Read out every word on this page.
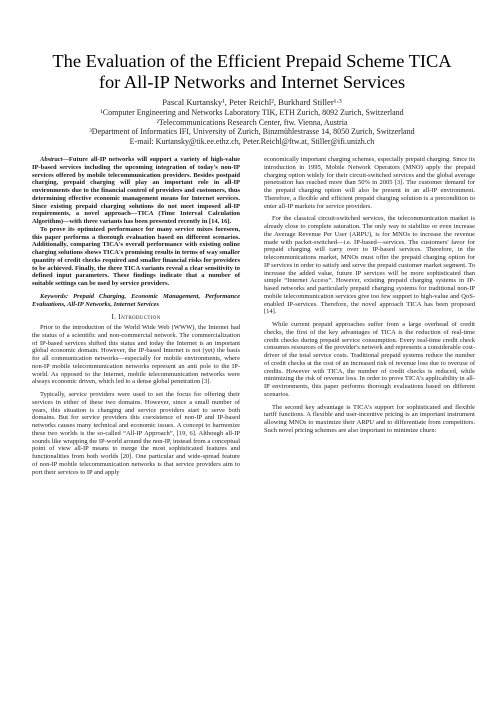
The Evaluation of the Efficient Prepaid Scheme TICA
for All-IP Networks and Internet Services
Pascal Kurtansky¹, Peter Reichl², Burkhard Stiller¹·³
¹Computer Engineering and Networks Laboratory TIK, ETH Zurich, 8092 Zurich, Switzerland
²Telecommunications Research Center, ftw. Vienna, Austria
³Department of Informatics IFI, University of Zurich, Binzmühlestrasse 14, 8050 Zurich, Switzerland
E-mail: Kurtansky@tik.ee.ethz.ch, Peter.Reichl@ftw.at, Stiller@ifi.unizh.ch

Abstract—Future all-IP networks will support a variety of high-value IP-based services including the upcoming integration of today's non-IP services offered by mobile telecommunication providers. Besides postpaid charging, prepaid charging will play an important role in all-IP environments due to the financial control of providers and customers, thus determining effective economic management means for Internet services. Since existing prepaid charging solutions do not meet imposed all-IP requirements, a novel approach—TICA (Time Interval Calculation Algorithm)—with three variants has been presented recently in [14, 16].
To prove its optimized performance for many service mixes foreseen, this paper performs a thorough evaluation based on different scenarios. Additionally, comparing TICA's overall performance with existing online charging solutions shows TICA's promising results in terms of way smaller quantity of credit checks required and smaller financial risks for providers to be achieved. Finally, the three TICA variants reveal a clear sensitivity to defined input parameters. These findings indicate that a number of suitable settings can be used by service providers.

Keywords: Prepaid Charging, Economic Management, Performance Evaluations, All-IP Networks, Internet Services

I. Introduction

Prior to the introduction of the World Wide Web (WWW), the Internet had the status of a scientific and non-commercial network. The commercialization of IP-based services shifted this status and today the Internet is an important global economic domain. However, the IP-based Internet is not (yet) the basis for all communication networks—especially for mobile environments, where non-IP mobile telecommunication networks represent an anti pole to the IP-world. As opposed to the Internet, mobile telecommunication networks were always economic driven, which led to a dense global penetration [3].

Typically, service providers were used to set the focus for offering their services in either of these two domains. However, since a small number of years, this situation is changing and service providers start to serve both domains. But for service providers this coexistence of non-IP and IP-based networks causes many technical and economic issues. A concept to harmonize these two worlds is the so-called “All-IP Approach”, [19, 6]. Although all-IP sounds like wrapping the IP-world around the non-IP, instead from a conceptual point of view all-IP means to merge the most sophisticated features and functionalities from both worlds [20]. One particular and wide-spread feature of non-IP mobile telecommunication networks is that service providers aim to port their services to IP and apply

economically important charging schemes, especially prepaid charging. Since its introduction in 1995, Mobile Network Operators (MNO) apply the prepaid charging option widely for their circuit-switched services and the global average penetration has reached more than 50% in 2005 [3]. The customer demand for the prepaid charging option will also be present in an all-IP environment. Therefore, a flexible and efficient prepaid charging solution is a precondition to enter all-IP markets for service providers.

For the classical circuit-switched services, the telecommunication market is already close to complete saturation. The only way to stabilize or even increase the Average Revenue Per User (ARPU), is for MNOs to increase the revenue made with packet-switched—i.e. IP-based—services. The customers' favor for prepaid charging will carry over to IP-based services. Therefore, in the telecommunications market, MNOs must offer the prepaid charging option for IP services in order to satisfy and serve the prepaid customer market segment. To increase the added value, future IP services will be more sophisticated than simple “Internet Access”. However, existing prepaid charging systems in IP-based networks and particularly prepaid charging systems for traditional non-IP mobile telecommunication services give too few support to high-value and QoS-enabled IP-services. Therefore, the novel approach TICA has been proposed [14].

While current prepaid approaches suffer from a large overhead of credit checks, the first of the key advantages of TICA is the reduction of real-time credit checks during prepaid service consumption. Every real-time credit check consumes resources of the provider's network and represents a considerable cost-driver of the total service costs. Traditional prepaid systems reduce the number of credit checks at the cost of an increased risk of revenue loss due to overuse of credits. However with TICA, the number of credit checks is reduced, while minimizing the risk of revenue loss. In order to prove TICA's applicability in all-IP environments, this paper performs thorough evaluations based on different scenarios.

The second key advantage is TICA's support for sophisticated and flexible tariff functions. A flexible and user-incentive pricing is an important instrument allowing MNOs to maximize their ARPU and to differentiate from competitors. Such novel pricing schemes are also important to minimize churn:
